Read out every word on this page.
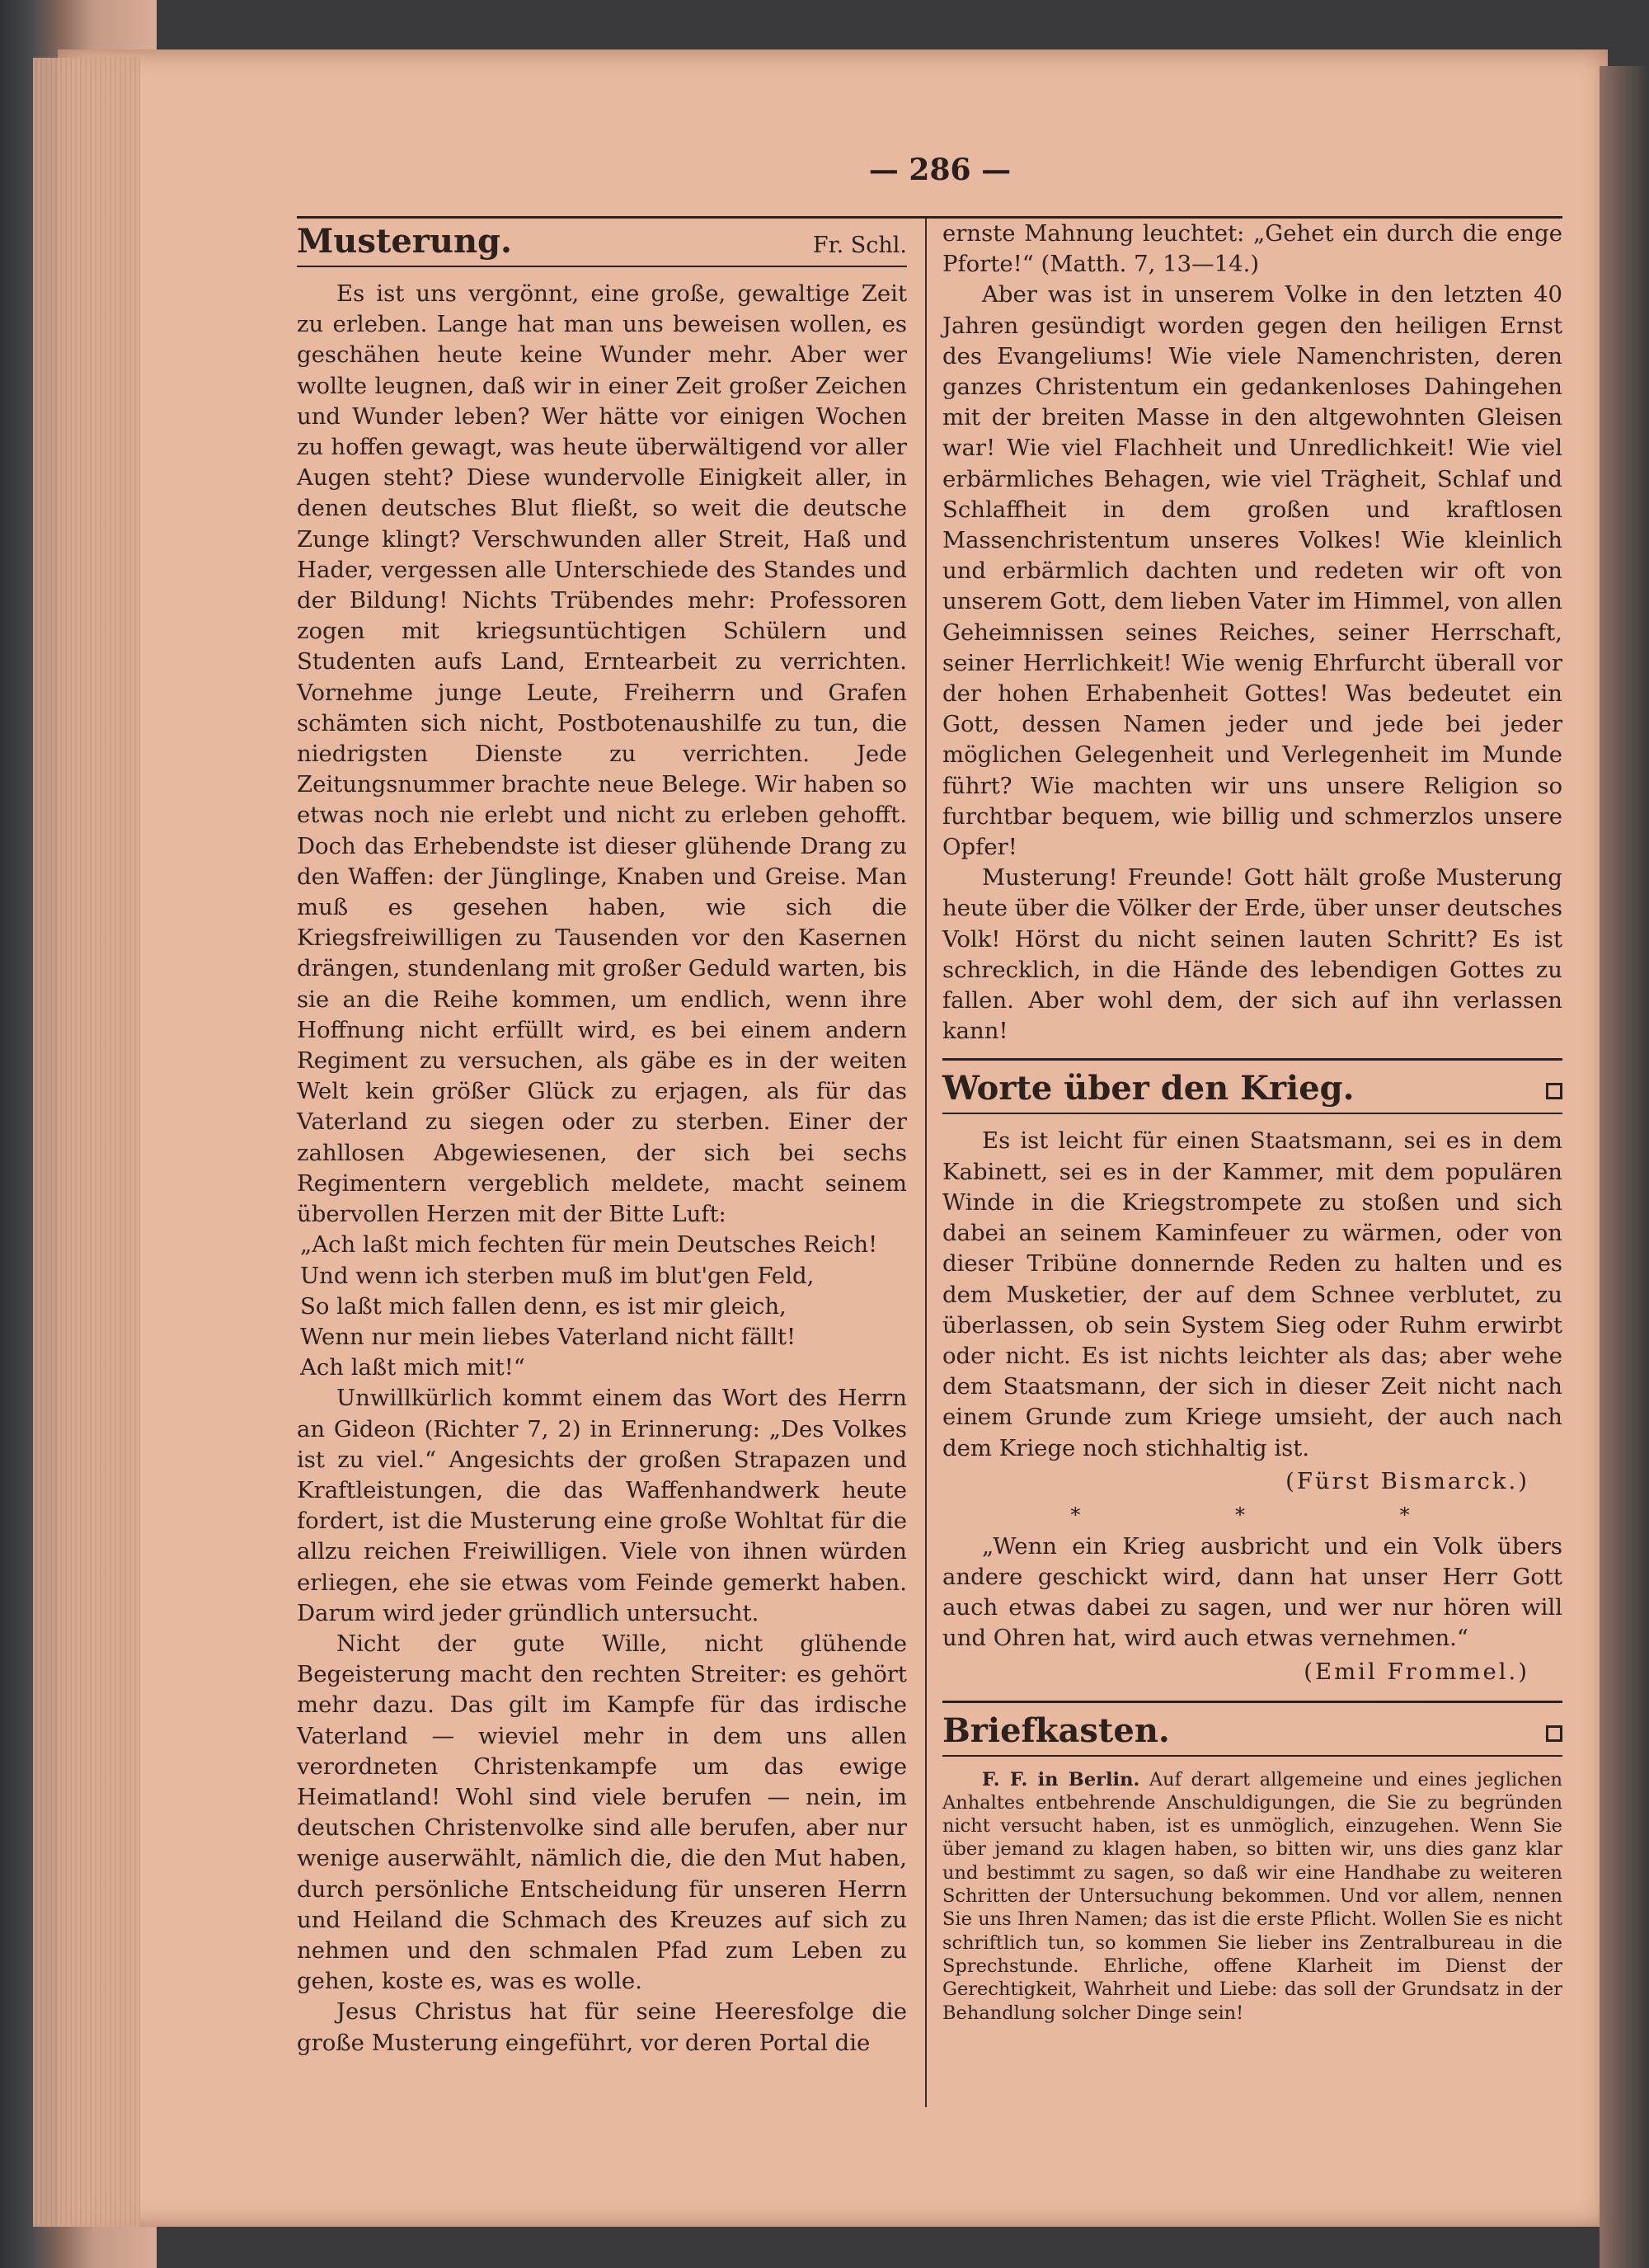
— 286 —
Musterung.	Fr. Schl.

Es ist uns vergönnt, eine große, gewaltige Zeit zu erleben. Lange hat man uns beweisen wollen, es geschähen heute keine Wunder mehr. Aber wer wollte leugnen, daß wir in einer Zeit großer Zeichen und Wunder leben? Wer hätte vor einigen Wochen zu hoffen gewagt, was heute überwältigend vor aller Augen steht? Diese wundervolle Einigkeit aller, in denen deutsches Blut fließt, so weit die deutsche Zunge klingt? Verschwunden aller Streit, Haß und Hader, vergessen alle Unterschiede des Standes und der Bildung! Nichts Trübendes mehr: Professoren zogen mit kriegsuntüchtigen Schülern und Studenten aufs Land, Erntearbeit zu verrichten. Vornehme junge Leute, Freiherrn und Grafen schämten sich nicht, Postbotenaushilfe zu tun, die niedrigsten Dienste zu verrichten. Jede Zeitungsnummer brachte neue Belege. Wir haben so etwas noch nie erlebt und nicht zu erleben gehofft. Doch das Erhebendste ist dieser glühende Drang zu den Waffen: der Jünglinge, Knaben und Greise. Man muß es gesehen haben, wie sich die Kriegsfreiwilligen zu Tausenden vor den Kasernen drängen, stundenlang mit großer Geduld warten, bis sie an die Reihe kommen, um endlich, wenn ihre Hoffnung nicht erfüllt wird, es bei einem andern Regiment zu versuchen, als gäbe es in der weiten Welt kein größer Glück zu erjagen, als für das Vaterland zu siegen oder zu sterben. Einer der zahllosen Abgewiesenen, der sich bei sechs Regimentern vergeblich meldete, macht seinem übervollen Herzen mit der Bitte Luft:

„Ach laßt mich fechten für mein Deutsches Reich!
Und wenn ich sterben muß im blut'gen Feld,
So laßt mich fallen denn, es ist mir gleich,
Wenn nur mein liebes Vaterland nicht fällt!
Ach laßt mich mit!“

Unwillkürlich kommt einem das Wort des Herrn an Gideon (Richter 7, 2) in Erinnerung: „Des Volkes ist zu viel.“ Angesichts der großen Strapazen und Kraftleistungen, die das Waffenhandwerk heute fordert, ist die Musterung eine große Wohltat für die allzu reichen Freiwilligen. Viele von ihnen würden erliegen, ehe sie etwas vom Feinde gemerkt haben. Darum wird jeder gründlich untersucht.

Nicht der gute Wille, nicht glühende Begeisterung macht den rechten Streiter: es gehört mehr dazu. Das gilt im Kampfe für das irdische Vaterland — wieviel mehr in dem uns allen verordneten Christenkampfe um das ewige Heimatland! Wohl sind viele berufen — nein, im deutschen Christenvolke sind alle berufen, aber nur wenige auserwählt, nämlich die, die den Mut haben, durch persönliche Entscheidung für unseren Herrn und Heiland die Schmach des Kreuzes auf sich zu nehmen und den schmalen Pfad zum Leben zu gehen, koste es, was es wolle.

Jesus Christus hat für seine Heeresfolge die große Musterung eingeführt, vor deren Portal die

ernste Mahnung leuchtet: „Gehet ein durch die enge Pforte!“ (Matth. 7, 13—14.)

Aber was ist in unserem Volke in den letzten 40 Jahren gesündigt worden gegen den heiligen Ernst des Evangeliums! Wie viele Namenchristen, deren ganzes Christentum ein gedankenloses Dahingehen mit der breiten Masse in den altgewohnten Gleisen war! Wie viel Flachheit und Unredlichkeit! Wie viel erbärmliches Behagen, wie viel Trägheit, Schlaf und Schlaffheit in dem großen und kraftlosen Massenchristentum unseres Volkes! Wie kleinlich und erbärmlich dachten und redeten wir oft von unserem Gott, dem lieben Vater im Himmel, von allen Geheimnissen seines Reiches, seiner Herrschaft, seiner Herrlichkeit! Wie wenig Ehrfurcht überall vor der hohen Erhabenheit Gottes! Was bedeutet ein Gott, dessen Namen jeder und jede bei jeder möglichen Gelegenheit und Verlegenheit im Munde führt? Wie machten wir uns unsere Religion so furchtbar bequem, wie billig und schmerzlos unsere Opfer!

Musterung! Freunde! Gott hält große Musterung heute über die Völker der Erde, über unser deutsches Volk! Hörst du nicht seinen lauten Schritt? Es ist schrecklich, in die Hände des lebendigen Gottes zu fallen. Aber wohl dem, der sich auf ihn verlassen kann!

Worte über den Krieg.

Es ist leicht für einen Staatsmann, sei es in dem Kabinett, sei es in der Kammer, mit dem populären Winde in die Kriegstrompete zu stoßen und sich dabei an seinem Kaminfeuer zu wärmen, oder von dieser Tribüne donnernde Reden zu halten und es dem Musketier, der auf dem Schnee verblutet, zu überlassen, ob sein System Sieg oder Ruhm erwirbt oder nicht. Es ist nichts leichter als das; aber wehe dem Staatsmann, der sich in dieser Zeit nicht nach einem Grunde zum Kriege umsieht, der auch nach dem Kriege noch stichhaltig ist.

(Fürst Bismarck.)
* * *

„Wenn ein Krieg ausbricht und ein Volk übers andere geschickt wird, dann hat unser Herr Gott auch etwas dabei zu sagen, und wer nur hören will und Ohren hat, wird auch etwas vernehmen.“

(Emil Frommel.)
Briefkasten.

F. F. in Berlin. Auf derart allgemeine und eines jeglichen Anhaltes entbehrende Anschuldigungen, die Sie zu begründen nicht versucht haben, ist es unmöglich, einzugehen. Wenn Sie über jemand zu klagen haben, so bitten wir, uns dies ganz klar und bestimmt zu sagen, so daß wir eine Handhabe zu weiteren Schritten der Untersuchung bekommen. Und vor allem, nennen Sie uns Ihren Namen; das ist die erste Pflicht. Wollen Sie es nicht schriftlich tun, so kommen Sie lieber ins Zentralbureau in die Sprechstunde. Ehrliche, offene Klarheit im Dienst der Gerechtigkeit, Wahrheit und Liebe: das soll der Grundsatz in der Behandlung solcher Dinge sein!
